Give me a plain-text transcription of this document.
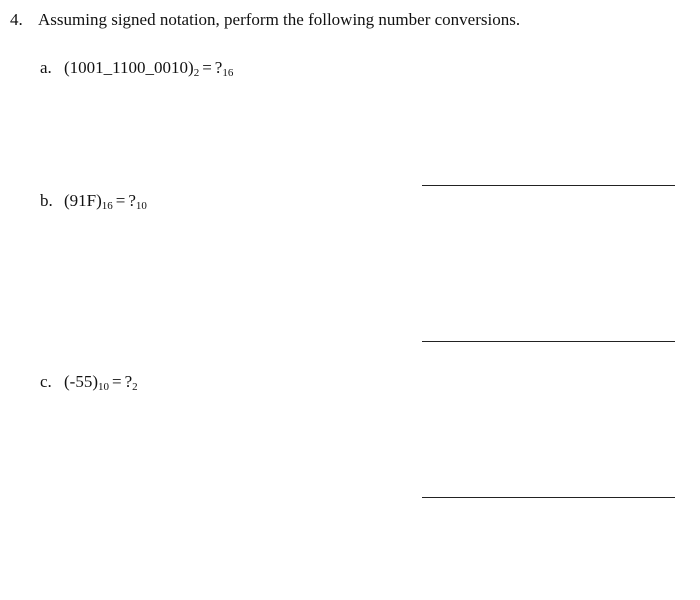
4. Assuming signed notation, perform the following number conversions.
a. $(1001\_1100\_0010)_2$ = $?_{16}$
b. $(91F)_{16}$ = $?_{10}$
c. $(-55)_{10}$ = $?_2$
